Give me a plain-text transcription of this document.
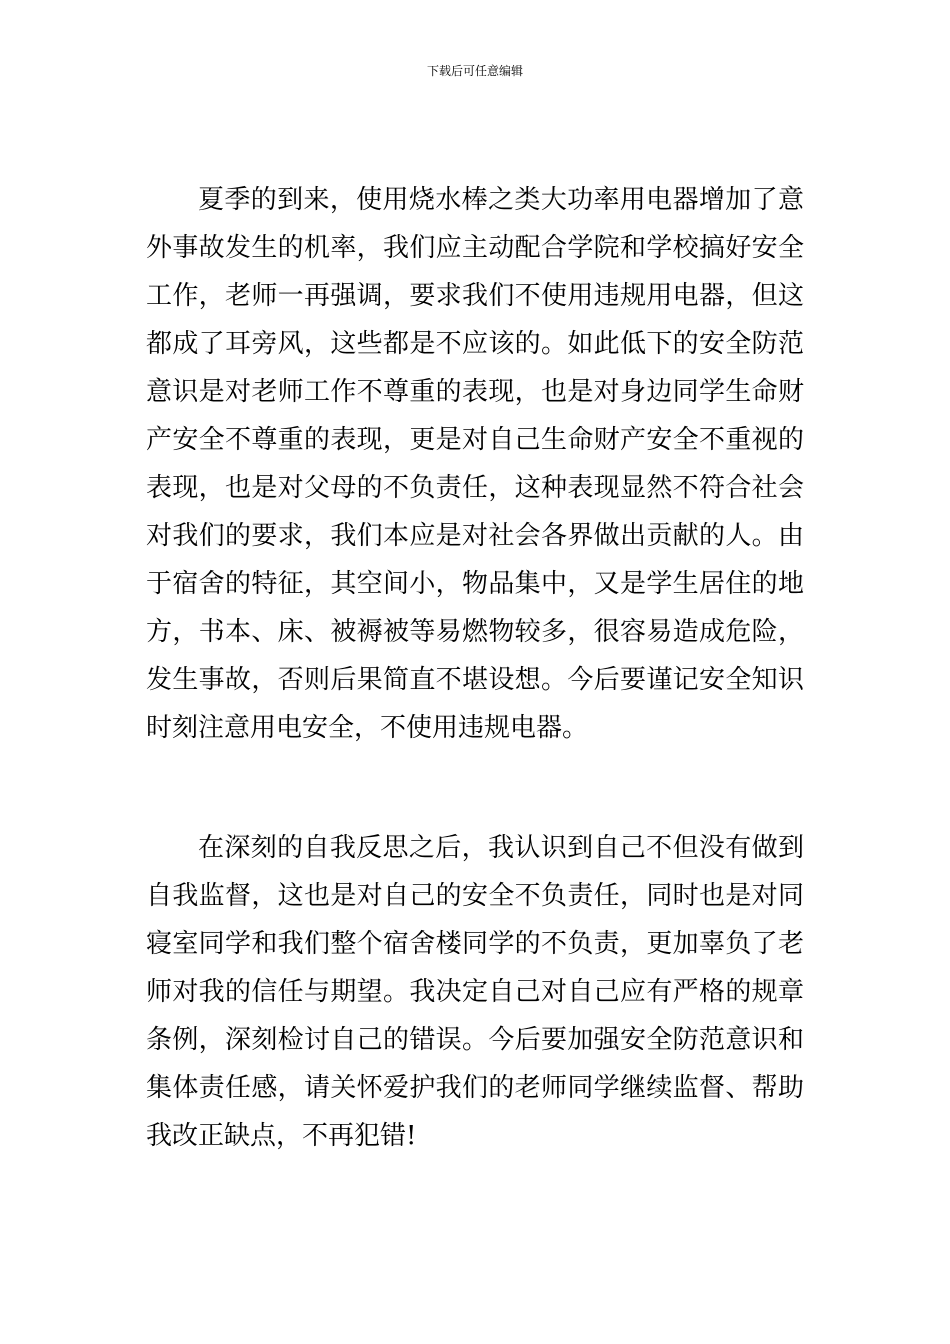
下载后可任意编辑

夏季的到来，使用烧水棒之类大功率用电器增加了意外事故发生的机率，我们应主动配合学院和学校搞好安全工作，老师一再强调，要求我们不使用违规用电器，但这都成了耳旁风，这些都是不应该的。如此低下的安全防范意识是对老师工作不尊重的表现，也是对身边同学生命财产安全不尊重的表现，更是对自己生命财产安全不重视的表现，也是对父母的不负责任，这种表现显然不符合社会对我们的要求，我们本应是对社会各界做出贡献的人。由于宿舍的特征，其空间小，物品集中，又是学生居住的地方，书本、床、被褥被等易燃物较多，很容易造成危险，发生事故，否则后果简直不堪设想。今后要谨记安全知识时刻注意用电安全，不使用违规电器。

在深刻的自我反思之后，我认识到自己不但没有做到自我监督，这也是对自己的安全不负责任，同时也是对同寝室同学和我们整个宿舍楼同学的不负责，更加辜负了老师对我的信任与期望。我决定自己对自己应有严格的规章条例，深刻检讨自己的错误。今后要加强安全防范意识和集体责任感，请关怀爱护我们的老师同学继续监督、帮助我改正缺点，不再犯错!
